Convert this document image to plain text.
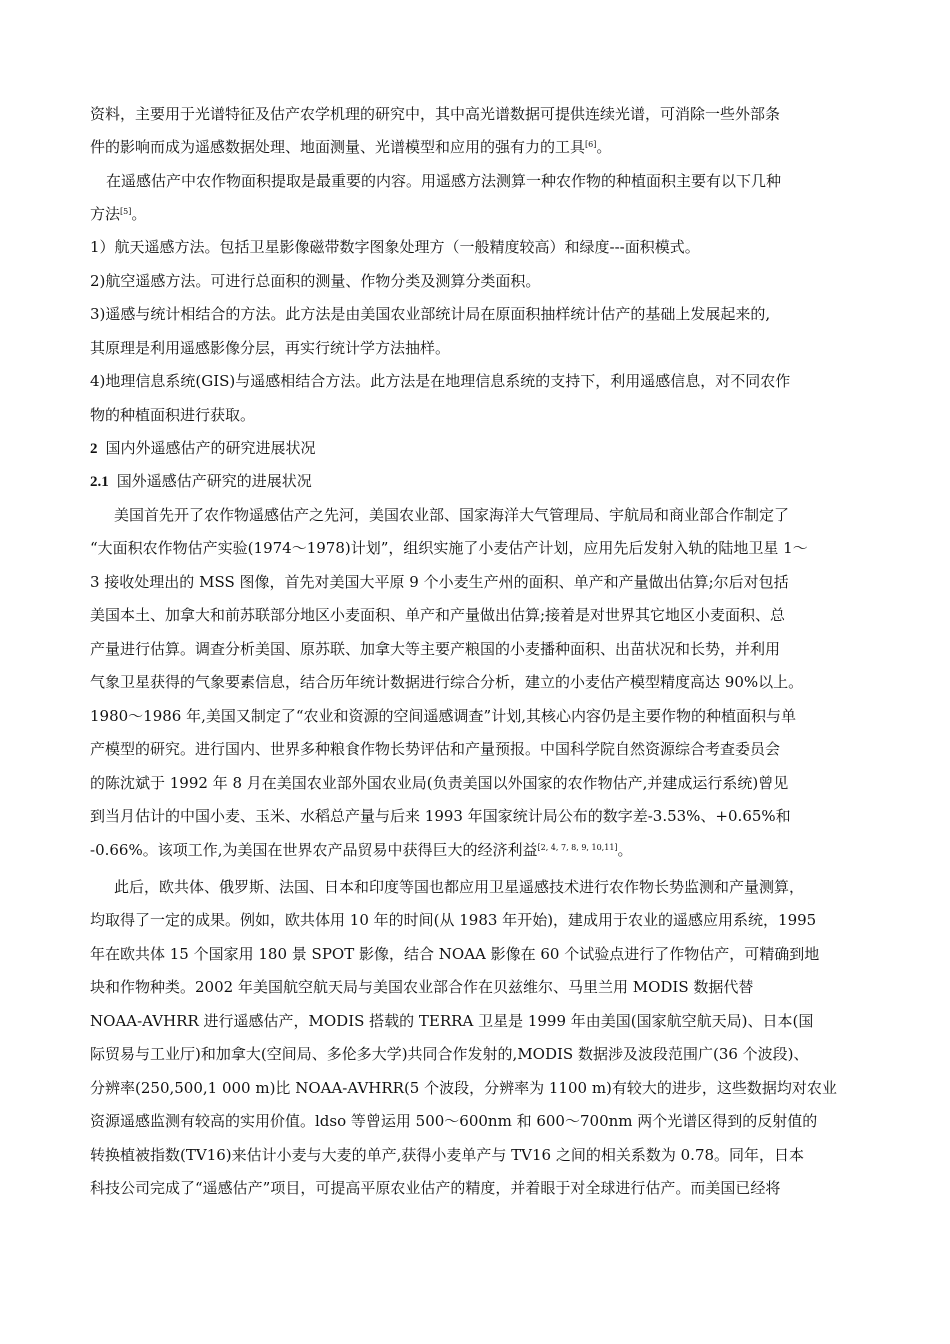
资料，主要用于光谱特征及估产农学机理的研究中，其中高光谱数据可提供连续光谱，可消除一些外部条
件的影响而成为遥感数据处理、地面测量、光谱模型和应用的强有力的工具[6]。
在遥感估产中农作物面积提取是最重要的内容。用遥感方法测算一种农作物的种植面积主要有以下几种
方法[5]。
1）航天遥感方法。包括卫星影像磁带数字图象处理方（一般精度较高）和绿度---面积模式。
2)航空遥感方法。可进行总面积的测量、作物分类及测算分类面积。
3)遥感与统计相结合的方法。此方法是由美国农业部统计局在原面积抽样统计估产的基础上发展起来的,
其原理是利用遥感影像分层，再实行统计学方法抽样。
4)地理信息系统(GIS)与遥感相结合方法。此方法是在地理信息系统的支持下，利用遥感信息，对不同农作
物的种植面积进行获取。
2 国内外遥感估产的研究进展状况
2.1 国外遥感估产研究的进展状况
美国首先开了农作物遥感估产之先河，美国农业部、国家海洋大气管理局、宇航局和商业部合作制定了
“大面积农作物估产实验(1974～1978)计划”，组织实施了小麦估产计划，应用先后发射入轨的陆地卫星 1～
3 接收处理出的 MSS 图像，首先对美国大平原 9 个小麦生产州的面积、单产和产量做出估算;尔后对包括
美国本土、加拿大和前苏联部分地区小麦面积、单产和产量做出估算;接着是对世界其它地区小麦面积、总
产量进行估算。调查分析美国、原苏联、加拿大等主要产粮国的小麦播种面积、出苗状况和长势，并利用
气象卫星获得的气象要素信息，结合历年统计数据进行综合分析，建立的小麦估产模型精度高达 90%以上。
1980～1986 年,美国又制定了“农业和资源的空间遥感调查”计划,其核心内容仍是主要作物的种植面积与单
产模型的研究。进行国内、世界多种粮食作物长势评估和产量预报。中国科学院自然资源综合考查委员会
的陈沈斌于 1992 年 8 月在美国农业部外国农业局(负责美国以外国家的农作物估产,并建成运行系统)曾见
到当月估计的中国小麦、玉米、水稻总产量与后来 1993 年国家统计局公布的数字差-3.53%、+0.65%和
-0.66%。该项工作,为美国在世界农产品贸易中获得巨大的经济利益[2, 4, 7, 8, 9, 10,11]。
此后，欧共体、俄罗斯、法国、日本和印度等国也都应用卫星遥感技术进行农作物长势监测和产量测算，
均取得了一定的成果。例如，欧共体用 10 年的时间(从 1983 年开始)，建成用于农业的遥感应用系统，1995
年在欧共体 15 个国家用 180 景 SPOT 影像，结合 NOAA 影像在 60 个试验点进行了作物估产，可精确到地
块和作物种类。2002 年美国航空航天局与美国农业部合作在贝兹维尔、马里兰用 MODIS 数据代替
NOAA-AVHRR 进行遥感估产，MODIS 搭载的 TERRA 卫星是 1999 年由美国(国家航空航天局)、日本(国
际贸易与工业厅)和加拿大(空间局、多伦多大学)共同合作发射的,MODIS 数据涉及波段范围广(36 个波段)、
分辨率(250,500,1 000 m)比 NOAA-AVHRR(5 个波段，分辨率为 1100 m)有较大的进步，这些数据均对农业
资源遥感监测有较高的实用价值。ldso 等曾运用 500～600nm 和 600～700nm 两个光谱区得到的反射值的
转换植被指数(TV16)来估计小麦与大麦的单产,获得小麦单产与 TV16 之间的相关系数为 0.78。同年，日本
科技公司完成了“遥感估产”项目，可提高平原农业估产的精度，并着眼于对全球进行估产。而美国已经将
